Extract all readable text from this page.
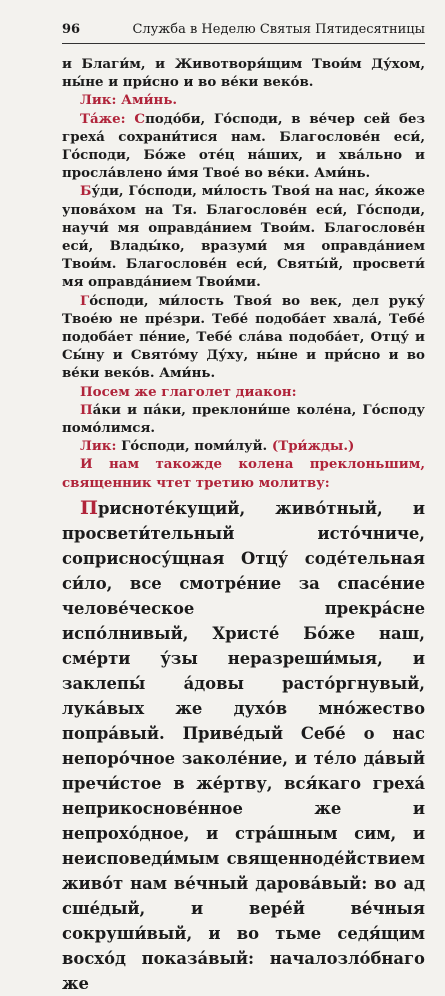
96	Служба в Неделю Святыя Пятидесятницы

и Благи́м, и Животворя́щим Твои́м Ду́хом, ны́не и при́сно и во ве́ки веко́в.

Лик: Ами́нь.

Та́же: Сподо́би, Го́споди, в ве́чер сей без греха́ сохрани́тися нам. Благослове́н еси́, Го́споди, Бо́же оте́ц на́ших, и хва́льно и просла́влено и́мя Твое́ во ве́ки. Ами́нь.

Бу́ди, Го́споди, ми́лость Твоя́ на нас, я́коже упова́хом на Тя. Благослове́н еси́, Го́споди, научи́ мя оправда́нием Твои́м. Благослове́н еси́, Влады́ко, вразуми́ мя оправда́нием Твои́м. Благослове́н еси́, Святы́й, просвети́ мя оправда́нием Твои́ми.

Го́споди, ми́лость Твоя́ во век, дел руку́ Твое́ю не пре́зри. Тебе́ подоба́ет хвала́, Тебе́ подоба́ет пе́ние, Тебе́ сла́ва подоба́ет, Отцу́ и Сы́ну и Свято́му Ду́ху, ны́не и при́сно и во ве́ки веко́в. Ами́нь.

Посем же глаголет диакон:

Па́ки и па́ки, преклони́ше коле́на, Го́споду помо́лимся.

Лик: Го́споди, поми́луй. (Три́жды.)

И нам такожде колена преклоньшим, священник чтет третию молитву:

Присноте́кущий, живо́тный, и просвети́тельный исто́чниче, соприсносу́щная Отцу́ соде́тельная си́ло, все смотре́ние за спасе́ние челове́ческое прекра́сне испо́лнивый, Христе́ Бо́же наш, сме́рти у́зы неразреши́мыя, и заклепы́ а́довы расто́ргнувый, лука́вых же духо́в мно́жество попра́вый. Приве́дый Себе́ о нас непоро́чное заколе́ние, и те́ло да́вый пречи́стое в же́ртву, вся́каго греха́ неприкоснове́нное же и непрохо́дное, и стра́шным сим, и неисповеди́мым священноде́йствием живо́т нам ве́чный дарова́вый: во ад сше́дый, и вере́й ве́чныя сокруши́вый, и во тьме седя́щим восхо́д показа́вый: началозло́бнаго же
